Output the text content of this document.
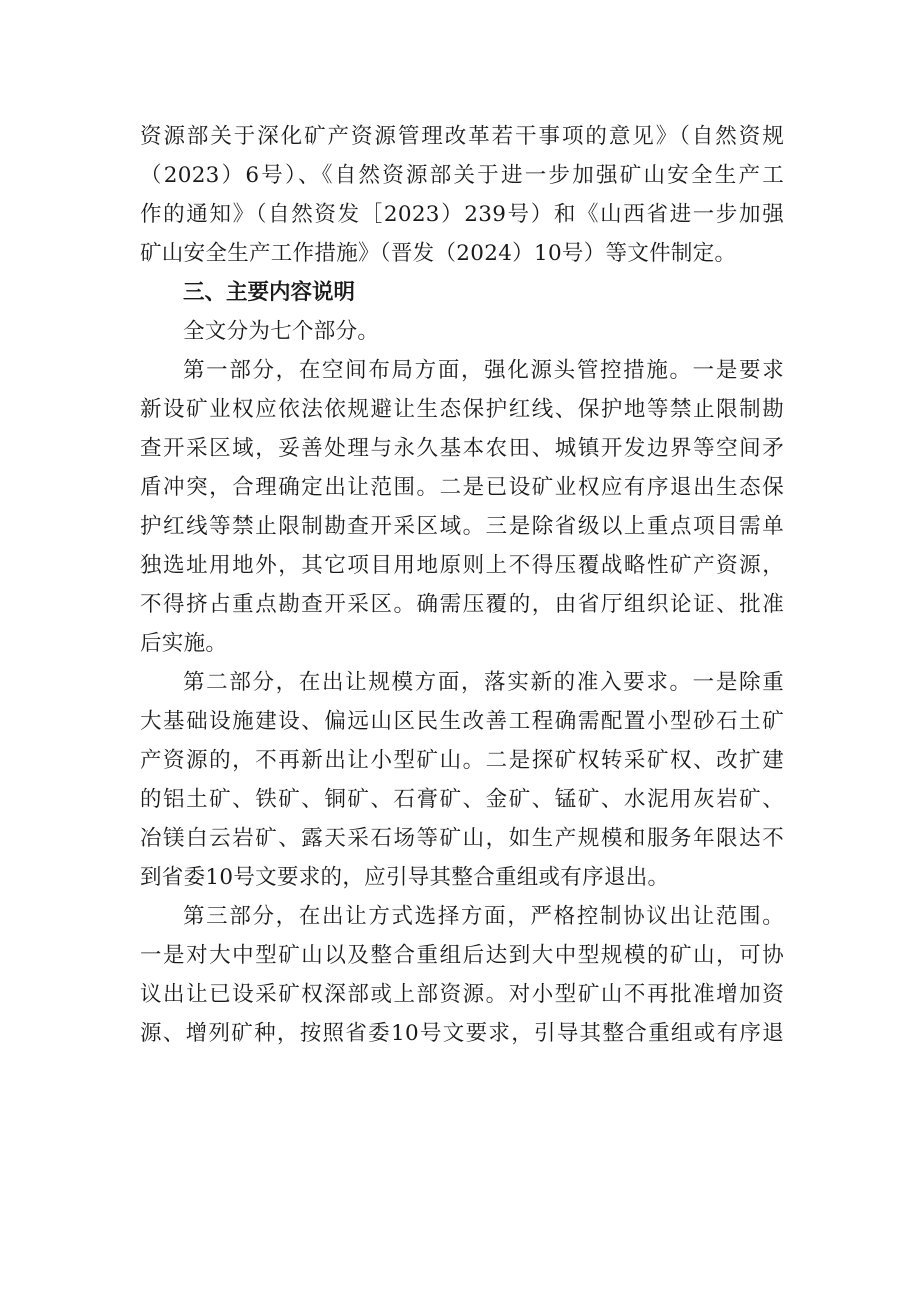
资源部关于深化矿产资源管理改革若干事项的意见》（自然资规
（2023）6号）、《自然资源部关于进一步加强矿山安全生产工
作的通知》（自然资发［2023）239号）和《山西省进一步加强
矿山安全生产工作措施》（晋发（2024）10号）等文件制定。
三、主要内容说明
全文分为七个部分。
第一部分，在空间布局方面，强化源头管控措施。一是要求
新设矿业权应依法依规避让生态保护红线、保护地等禁止限制勘
查开采区域，妥善处理与永久基本农田、城镇开发边界等空间矛
盾冲突，合理确定出让范围。二是已设矿业权应有序退出生态保
护红线等禁止限制勘查开采区域。三是除省级以上重点项目需单
独选址用地外，其它项目用地原则上不得压覆战略性矿产资源，
不得挤占重点勘查开采区。确需压覆的，由省厅组织论证、批准
后实施。
第二部分，在出让规模方面，落实新的准入要求。一是除重
大基础设施建设、偏远山区民生改善工程确需配置小型砂石土矿
产资源的，不再新出让小型矿山。二是探矿权转采矿权、改扩建
的铝土矿、铁矿、铜矿、石膏矿、金矿、锰矿、水泥用灰岩矿、
冶镁白云岩矿、露天采石场等矿山，如生产规模和服务年限达不
到省委10号文要求的，应引导其整合重组或有序退出。
第三部分，在出让方式选择方面，严格控制协议出让范围。
一是对大中型矿山以及整合重组后达到大中型规模的矿山，可协
议出让已设采矿权深部或上部资源。对小型矿山不再批准增加资
源、增列矿种，按照省委10号文要求，引导其整合重组或有序退
